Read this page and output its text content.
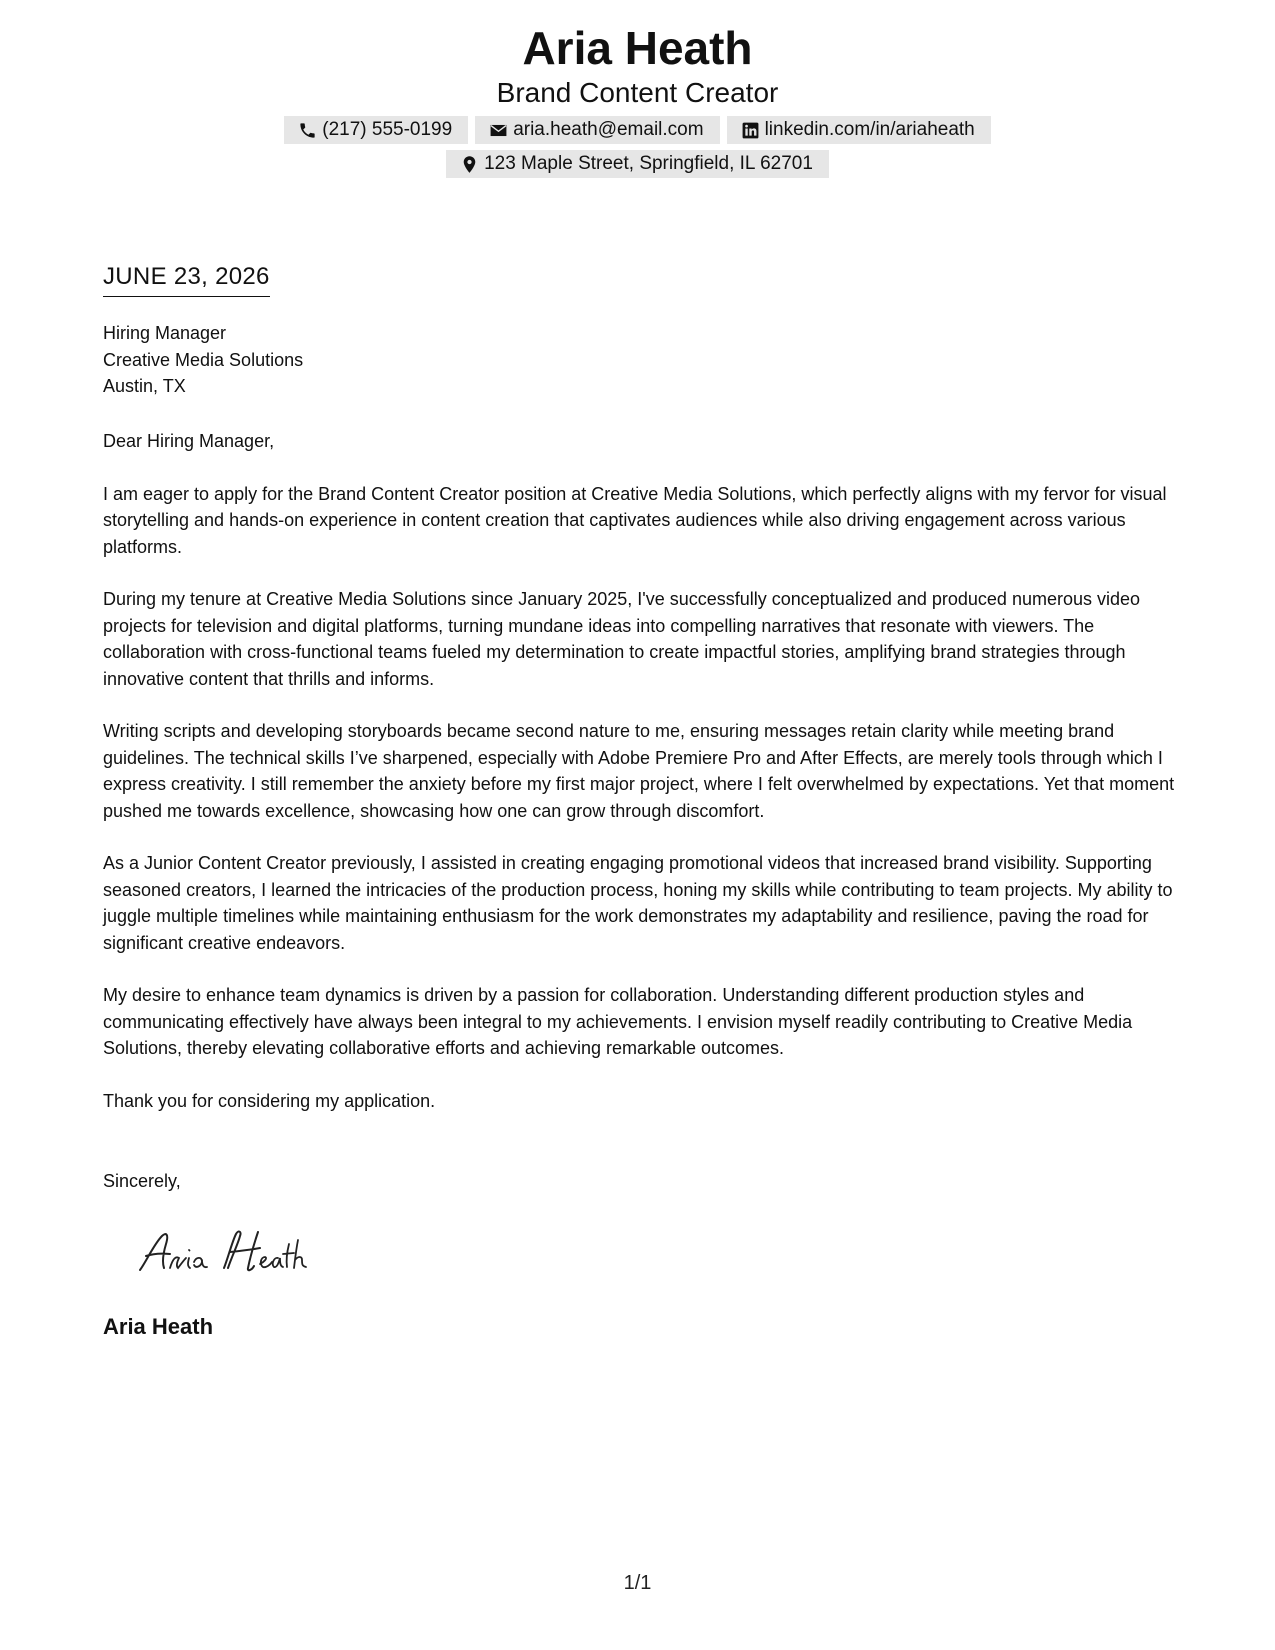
Aria Heath
Brand Content Creator
(217) 555-0199	aria.heath@email.com	linkedin.com/in/ariaheath
123 Maple Street, Springfield, IL 62701
JUNE 23, 2026
Hiring Manager
Creative Media Solutions
Austin, TX

Dear Hiring Manager,

I am eager to apply for the Brand Content Creator position at Creative Media Solutions, which perfectly aligns with my fervor for visual storytelling and hands-on experience in content creation that captivates audiences while also driving engagement across various platforms.

During my tenure at Creative Media Solutions since January 2025, I've successfully conceptualized and produced numerous video projects for television and digital platforms, turning mundane ideas into compelling narratives that resonate with viewers. The collaboration with cross-functional teams fueled my determination to create impactful stories, amplifying brand strategies through innovative content that thrills and informs.

Writing scripts and developing storyboards became second nature to me, ensuring messages retain clarity while meeting brand guidelines. The technical skills I’ve sharpened, especially with Adobe Premiere Pro and After Effects, are merely tools through which I express creativity. I still remember the anxiety before my first major project, where I felt overwhelmed by expectations. Yet that moment pushed me towards excellence, showcasing how one can grow through discomfort.

As a Junior Content Creator previously, I assisted in creating engaging promotional videos that increased brand visibility. Supporting seasoned creators, I learned the intricacies of the production process, honing my skills while contributing to team projects. My ability to juggle multiple timelines while maintaining enthusiasm for the work demonstrates my adaptability and resilience, paving the road for significant creative endeavors.

My desire to enhance team dynamics is driven by a passion for collaboration. Understanding different production styles and communicating effectively have always been integral to my achievements. I envision myself readily contributing to Creative Media Solutions, thereby elevating collaborative efforts and achieving remarkable outcomes.

Thank you for considering my application.

Sincerely,
Aria Heath
1/1
